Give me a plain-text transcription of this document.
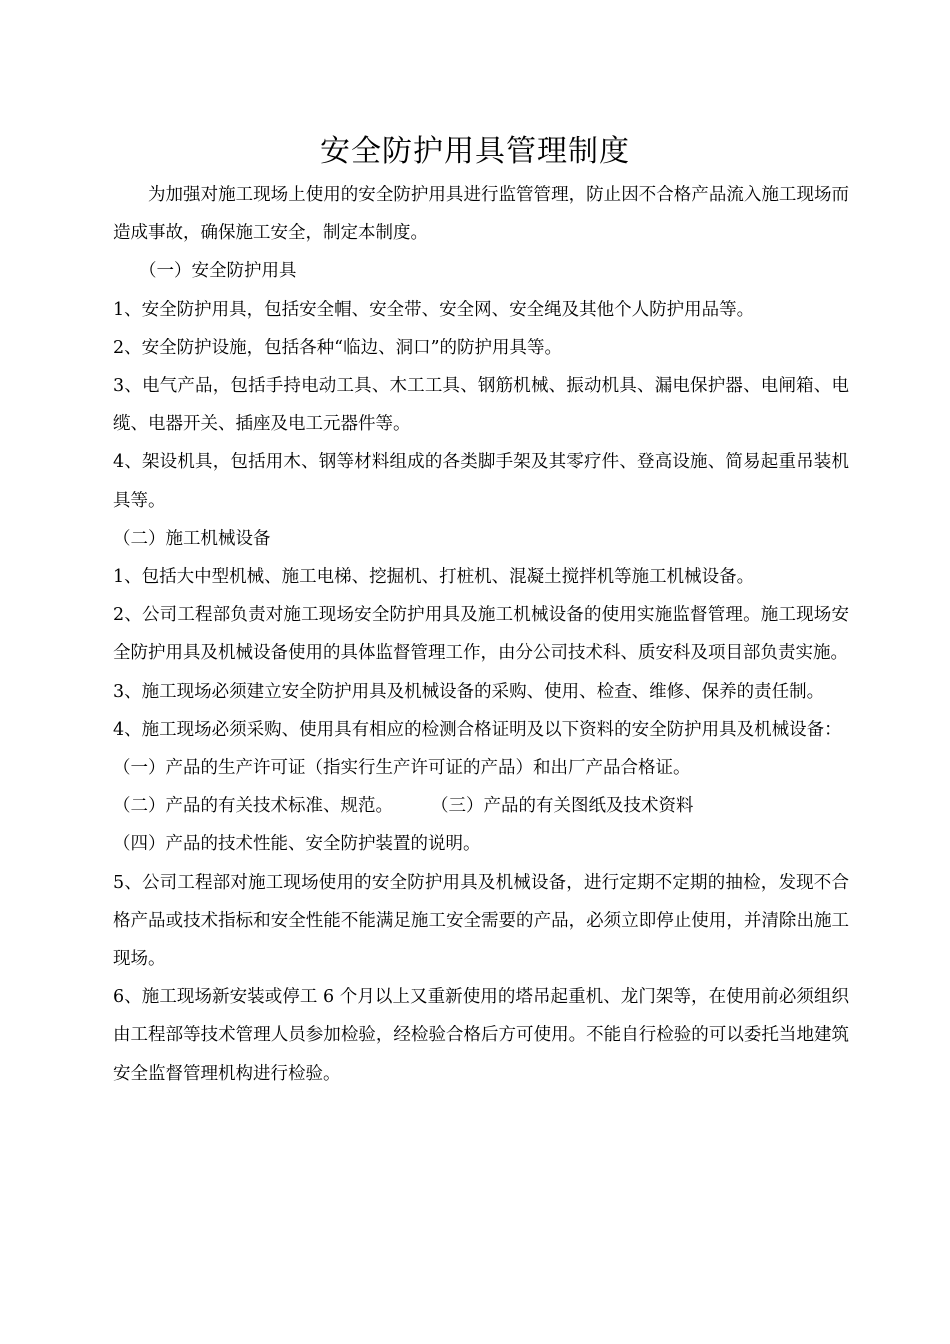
安全防护用具管理制度

为加强对施工现场上使用的安全防护用具进行监管管理，防止因不合格产品流入施工现场而造成事故，确保施工安全，制定本制度。

（一）安全防护用具

1、安全防护用具，包括安全帽、安全带、安全网、安全绳及其他个人防护用品等。

2、安全防护设施，包括各种“临边、洞口”的防护用具等。

3、电气产品，包括手持电动工具、木工工具、钢筋机械、振动机具、漏电保护器、电闸箱、电缆、电器开关、插座及电工元器件等。

4、架设机具，包括用木、钢等材料组成的各类脚手架及其零疗件、登高设施、简易起重吊装机具等。

（二）施工机械设备

1、包括大中型机械、施工电梯、挖掘机、打桩机、混凝土搅拌机等施工机械设备。

2、公司工程部负责对施工现场安全防护用具及施工机械设备的使用实施监督管理。施工现场安全防护用具及机械设备使用的具体监督管理工作，由分公司技术科、质安科及项目部负责实施。

3、施工现场必须建立安全防护用具及机械设备的采购、使用、检查、维修、保养的责任制。

4、施工现场必须采购、使用具有相应的检测合格证明及以下资料的安全防护用具及机械设备：

（一）产品的生产许可证（指实行生产许可证的产品）和出厂产品合格证。

（二）产品的有关技术标准、规范。 （三）产品的有关图纸及技术资料

（四）产品的技术性能、安全防护装置的说明。

5、公司工程部对施工现场使用的安全防护用具及机械设备，进行定期不定期的抽检，发现不合格产品或技术指标和安全性能不能满足施工安全需要的产品，必须立即停止使用，并清除出施工现场。

6、施工现场新安装或停工 6 个月以上又重新使用的塔吊起重机、龙门架等，在使用前必须组织由工程部等技术管理人员参加检验，经检验合格后方可使用。不能自行检验的可以委托当地建筑安全监督管理机构进行检验。
